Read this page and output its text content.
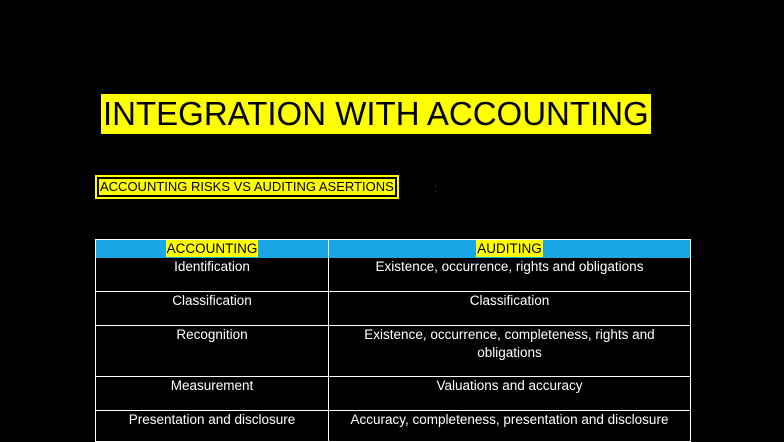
INTEGRATION WITH ACCOUNTING
ACCOUNTING RISKS VS AUDITING ASERTIONS	:
ACCOUNTING	AUDITING
Identification	Existence, occurrence, rights and obligations
Classification	Classification
Recognition	Existence, occurrence, completeness, rights and obligations
Measurement	Valuations and accuracy
Presentation and disclosure	Accuracy, completeness, presentation and disclosure
